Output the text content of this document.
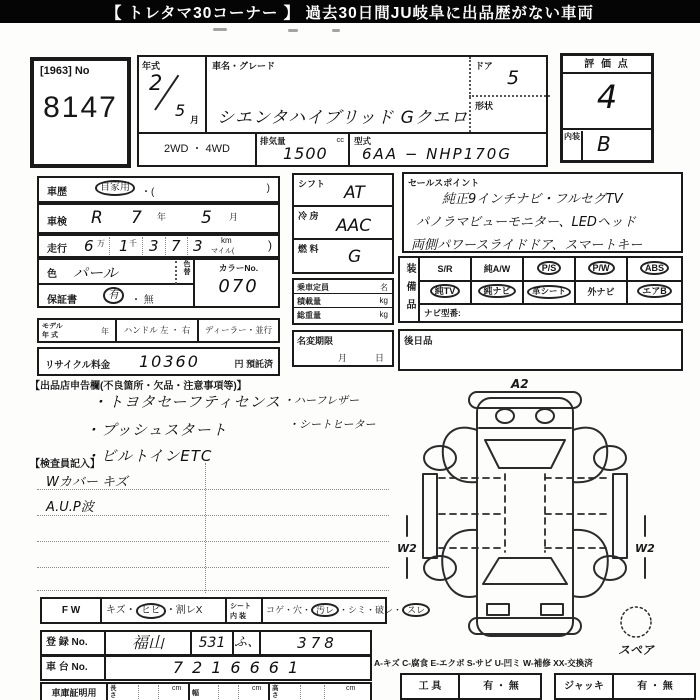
【 トレタマ30コーナー 】 過去30日間JU岐阜に出品歴がない車両
[1963] No
8147
年式
2
5 月
車名・グレード
シエンタハイブリッド Gクエロ
ドア
5
形状
2WD ・ 4WD
排気量	cc
1500
型式
6AA − NHP170G
評 価 点
4
内装 B
車歴	自家用	・(	)
車検 R 7 年 5 月
走行 6 万 1 千 3 7 3 km
マイル(	)
色 パール	色替
保証書	有	・ 無
カラーNo.
070
モデル
年 式	年	ハンドル 左 ・ 右	ディーラー・並行
リサイクル料金 10360	円 預託済
【出品店申告欄(不良箇所・欠品・注意事項等)】
・トヨタセーフティセンス
・プッシュスタート
・ビルトインETC
・ハーフレザー
・シートヒーター
【検査員記入】
Wカバー キズ
A.U.P波
シフト AT
冷 房 AAC
燃 料 G
乗車定員	名
積載量	kg
総重量	kg
名変期限
月	日
セールスポイント
純正9インチナビ・フルセグTV
パノラマビューモニター、LEDヘッド
両側パワースライドドア、スマートキー
装備品
S/R	純A/W	P/S	P/W	ABS
純TV	純ナビ	革シート	外ナビ	エアB
ナビ型番:
後日品
A2
W2	W2
スペア
F W	キズ・ ヒビ ・割レX	シート
内 装
コゲ・穴・ 汚レ ・シミ・破レ・ スレ
登 録 No.	福山	531 ふ、	378
車 台 No.	7216661
車庫証明用	長さ
cm
幅
cm 高さ
cm
A-キズ C-腐食 E-エクボ S-サビ U-凹ミ W-補修 XX-交換済
工 具	有 ・ 無	ジャッキ	有 ・ 無
